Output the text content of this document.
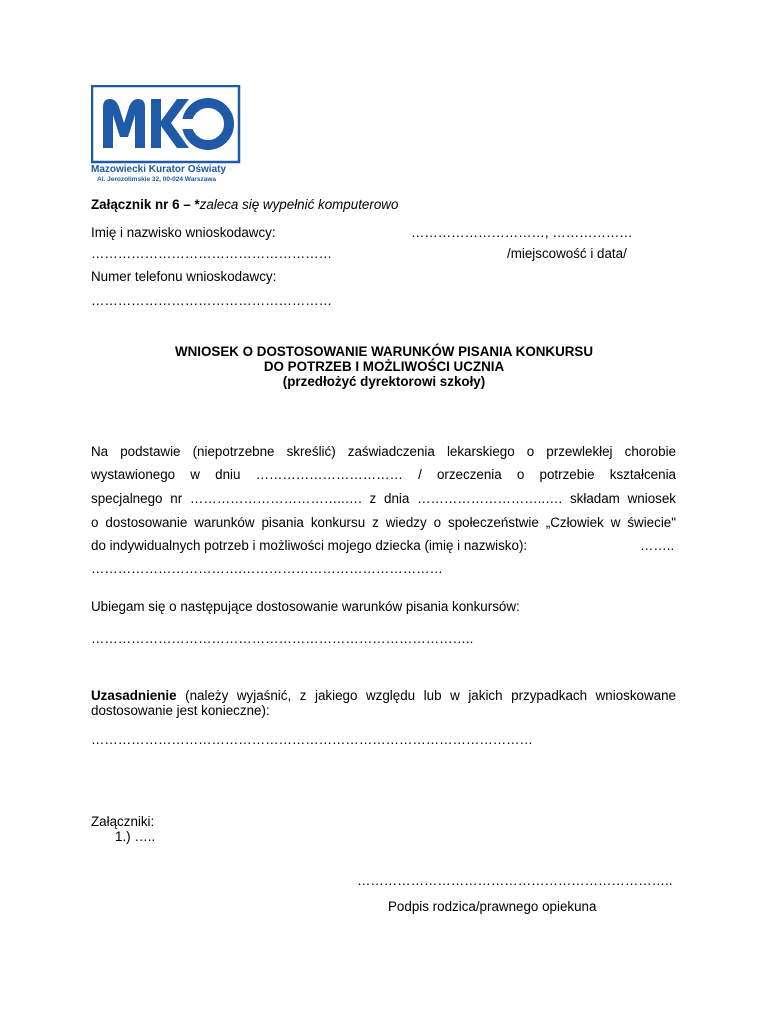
Mazowiecki Kurator Oświaty
Al. Jerozolimskie 32, 00-024 Warszawa
Załącznik nr 6 – *zaleca się wypełnić komputerowo
Imię i nazwisko wnioskodawcy:	…………………………, ………………
………………………………………………	/miejscowość i data/
Numer telefonu wnioskodawcy:
………………………………………………
WNIOSEK O DOSTOSOWANIE WARUNKÓW PISANIA KONKURSU
DO POTRZEB I MOŻLIWOŚCI UCZNIA
(przedłożyć dyrektorowi szkoły)
Na podstawie (niepotrzebne skreślić) zaświadczenia lekarskiego o przewlekłej chorobie
wystawionego w dniu …………………………… / orzeczenia o potrzebie kształcenia
specjalnego nr ……………………………..…. z dnia ………………………..…. składam wniosek
o dostosowanie warunków pisania konkursu z wiedzy o społeczeństwie „Człowiek w świecie"
do indywidualnych potrzeb i możliwości mojego dziecka (imię i nazwisko):	……..
…………………………….………………………………………
Ubiegam się o następujące dostosowanie warunków pisania konkursów:
…………………………………………………………………………..
Uzasadnienie (należy wyjaśnić, z jakiego względu lub w jakich przypadkach wnioskowane
dostosowanie jest konieczne):
………………………………………………………………………………………
Załączniki:
1.) …..
……………………………………………………………..
Podpis rodzica/prawnego opiekuna
